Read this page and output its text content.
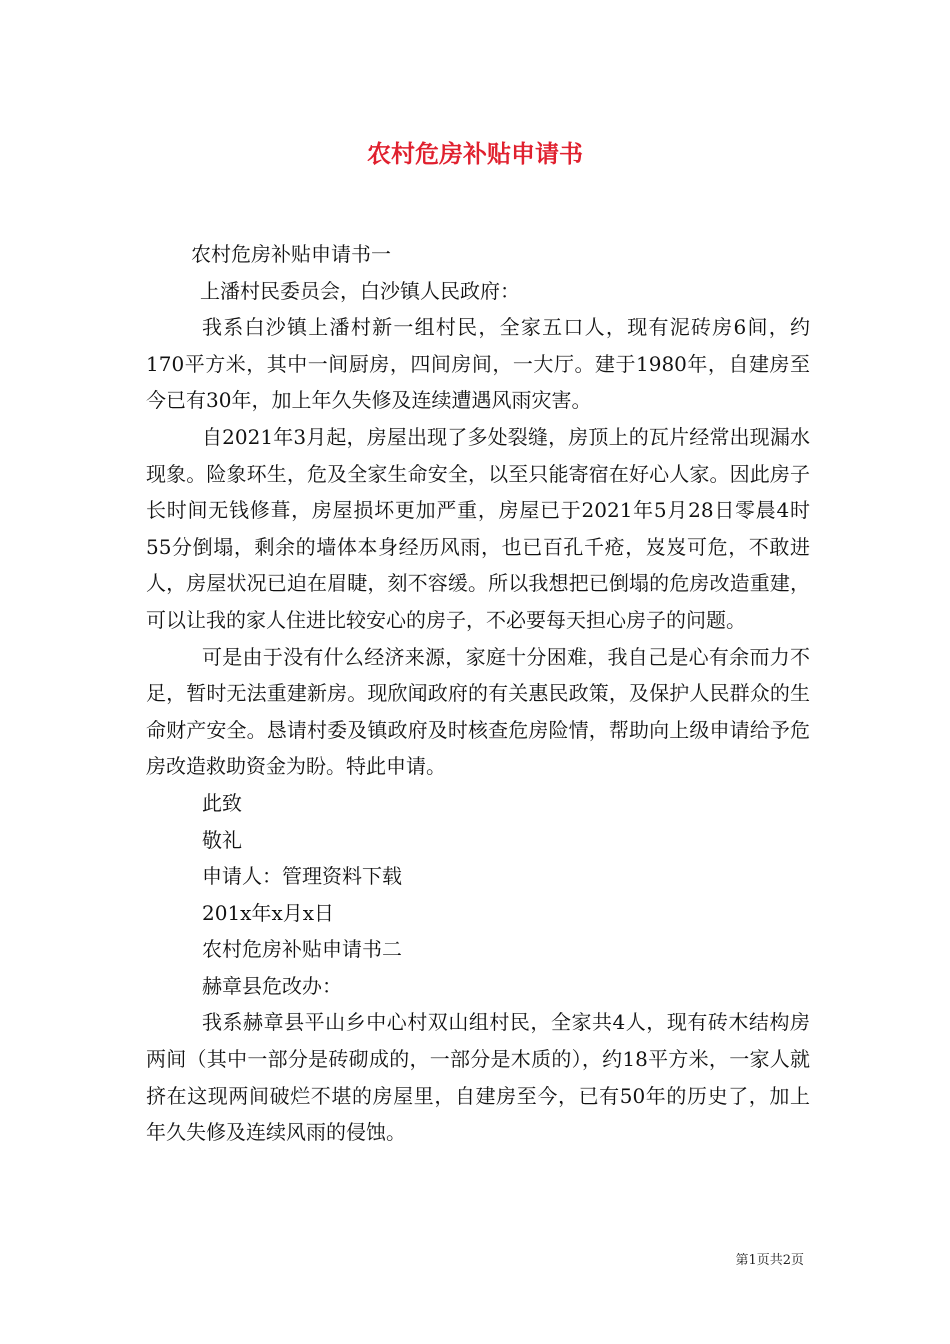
农村危房补贴申请书

农村危房补贴申请书一

上潘村民委员会，白沙镇人民政府：

我系白沙镇上潘村新一组村民，全家五口人，现有泥砖房6间，约170平方米，其中一间厨房，四间房间，一大厅。建于1980年，自建房至今已有30年，加上年久失修及连续遭遇风雨灾害。

自2021年3月起，房屋出现了多处裂缝，房顶上的瓦片经常出现漏水现象。险象环生，危及全家生命安全，以至只能寄宿在好心人家。因此房子长时间无钱修葺，房屋损坏更加严重，房屋已于2021年5月28日零晨4时55分倒塌，剩余的墙体本身经历风雨，也已百孔千疮，岌岌可危，不敢进人，房屋状况已迫在眉睫，刻不容缓。所以我想把已倒塌的危房改造重建，可以让我的家人住进比较安心的房子，不必要每天担心房子的问题。

可是由于没有什么经济来源，家庭十分困难，我自己是心有余而力不足，暂时无法重建新房。现欣闻政府的有关惠民政策，及保护人民群众的生命财产安全。恳请村委及镇政府及时核查危房险情，帮助向上级申请给予危房改造救助资金为盼。特此申请。

此致

敬礼

申请人：管理资料下载

201x年x月x日

农村危房补贴申请书二

赫章县危改办：

我系赫章县平山乡中心村双山组村民，全家共4人，现有砖木结构房两间（其中一部分是砖砌成的，一部分是木质的），约18平方米，一家人就挤在这现两间破烂不堪的房屋里，自建房至今，已有50年的历史了，加上年久失修及连续风雨的侵蚀。

第1页共2页
